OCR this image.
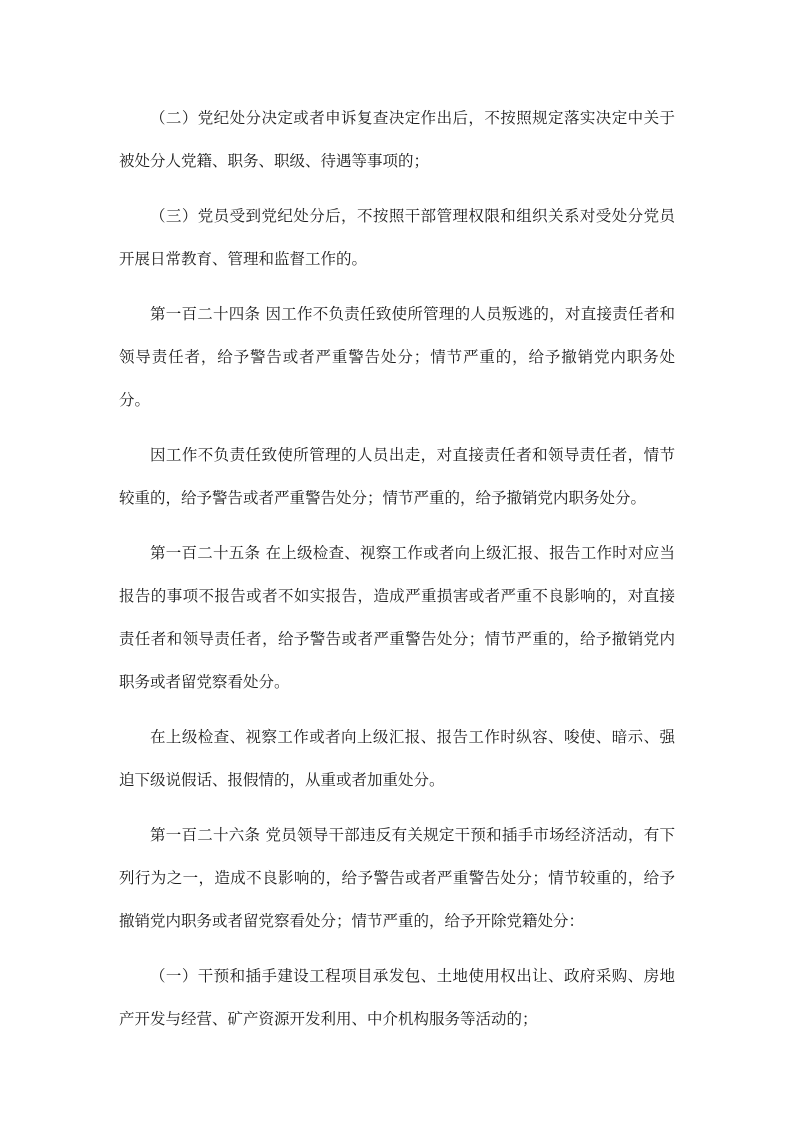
（二）党纪处分决定或者申诉复查决定作出后，不按照规定落实决定中关于被处分人党籍、职务、职级、待遇等事项的；

（三）党员受到党纪处分后，不按照干部管理权限和组织关系对受处分党员开展日常教育、管理和监督工作的。

第一百二十四条 因工作不负责任致使所管理的人员叛逃的，对直接责任者和领导责任者，给予警告或者严重警告处分；情节严重的，给予撤销党内职务处分。

因工作不负责任致使所管理的人员出走，对直接责任者和领导责任者，情节较重的，给予警告或者严重警告处分；情节严重的，给予撤销党内职务处分。

第一百二十五条 在上级检查、视察工作或者向上级汇报、报告工作时对应当报告的事项不报告或者不如实报告，造成严重损害或者严重不良影响的，对直接责任者和领导责任者，给予警告或者严重警告处分；情节严重的，给予撤销党内职务或者留党察看处分。

在上级检查、视察工作或者向上级汇报、报告工作时纵容、唆使、暗示、强迫下级说假话、报假情的，从重或者加重处分。

第一百二十六条 党员领导干部违反有关规定干预和插手市场经济活动，有下列行为之一，造成不良影响的，给予警告或者严重警告处分；情节较重的，给予撤销党内职务或者留党察看处分；情节严重的，给予开除党籍处分：

（一）干预和插手建设工程项目承发包、土地使用权出让、政府采购、房地产开发与经营、矿产资源开发利用、中介机构服务等活动的；
